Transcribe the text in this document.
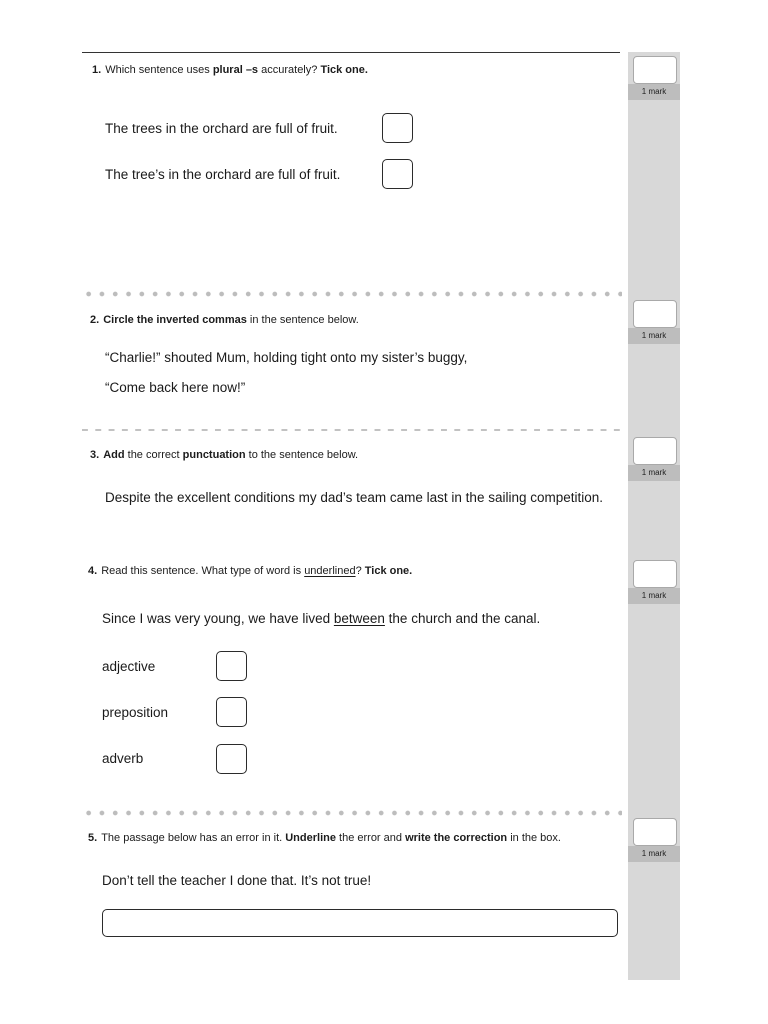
1 mark
1 mark
1 mark
1 mark
1 mark
1. Which sentence uses plural –s accurately? Tick one.
The trees in the orchard are full of fruit.
The tree’s in the orchard are full of fruit.
2. Circle the inverted commas in the sentence below.
“Charlie!” shouted Mum, holding tight onto my sister’s buggy,
“Come back here now!”
3. Add the correct punctuation to the sentence below.
Despite the excellent conditions my dad’s team came last in the sailing competition.
4. Read this sentence. What type of word is underlined? Tick one.
Since I was very young, we have lived between the church and the canal.
adjective
preposition
adverb
5. The passage below has an error in it. Underline the error and write the correction in the box.
Don’t tell the teacher I done that. It’s not true!
